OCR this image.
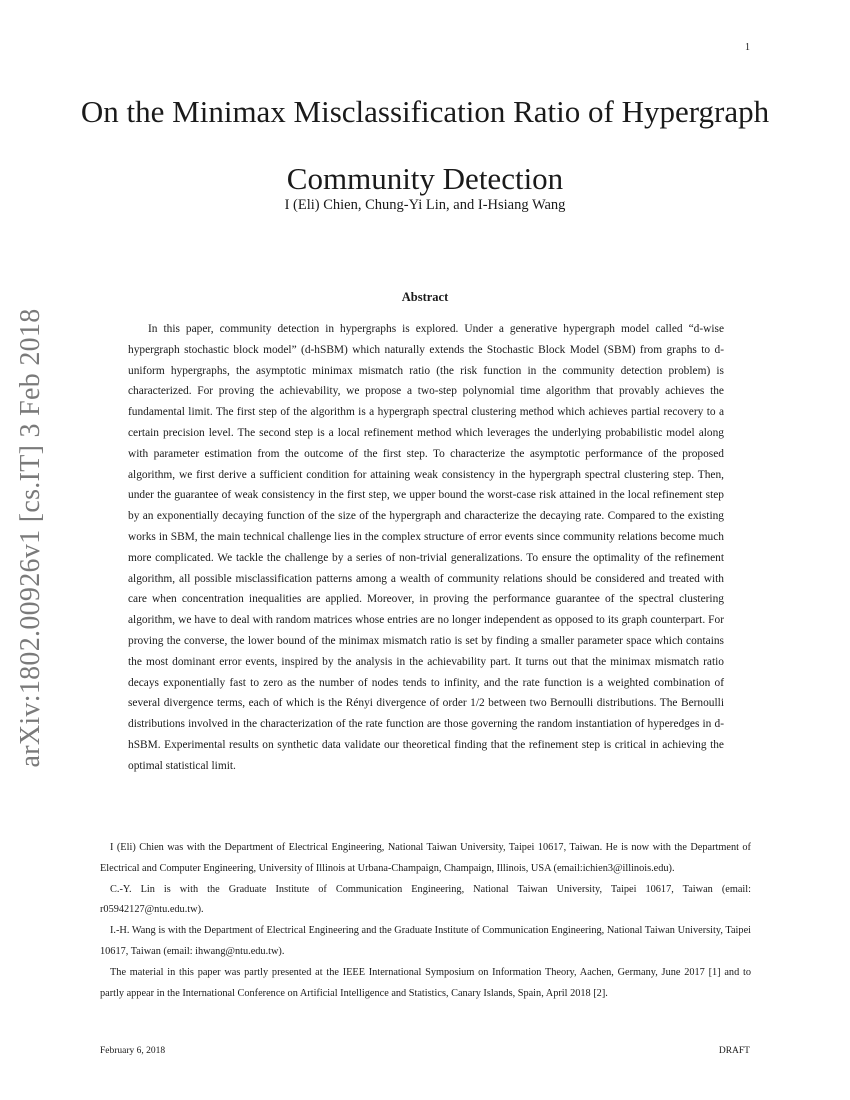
1
arXiv:1802.00926v1 [cs.IT] 3 Feb 2018
On the Minimax Misclassification Ratio of Hypergraph Community Detection
I (Eli) Chien, Chung-Yi Lin, and I-Hsiang Wang
Abstract

In this paper, community detection in hypergraphs is explored. Under a generative hypergraph model called “d-wise hypergraph stochastic block model” (d-hSBM) which naturally extends the Stochastic Block Model (SBM) from graphs to d-uniform hypergraphs, the asymptotic minimax mismatch ratio (the risk function in the community detection problem) is characterized. For proving the achievability, we propose a two-step polynomial time algorithm that provably achieves the fundamental limit. The first step of the algorithm is a hypergraph spectral clustering method which achieves partial recovery to a certain precision level. The second step is a local refinement method which leverages the underlying probabilistic model along with parameter estimation from the outcome of the first step. To characterize the asymptotic performance of the proposed algorithm, we first derive a sufficient condition for attaining weak consistency in the hypergraph spectral clustering step. Then, under the guarantee of weak consistency in the first step, we upper bound the worst-case risk attained in the local refinement step by an exponentially decaying function of the size of the hypergraph and characterize the decaying rate. Compared to the existing works in SBM, the main technical challenge lies in the complex structure of error events since community relations become much more complicated. We tackle the challenge by a series of non-trivial generalizations. To ensure the optimality of the refinement algorithm, all possible misclassification patterns among a wealth of community relations should be considered and treated with care when concentration inequalities are applied. Moreover, in proving the performance guarantee of the spectral clustering algorithm, we have to deal with random matrices whose entries are no longer independent as opposed to its graph counterpart. For proving the converse, the lower bound of the minimax mismatch ratio is set by finding a smaller parameter space which contains the most dominant error events, inspired by the analysis in the achievability part. It turns out that the minimax mismatch ratio decays exponentially fast to zero as the number of nodes tends to infinity, and the rate function is a weighted combination of several divergence terms, each of which is the Rényi divergence of order 1/2 between two Bernoulli distributions. The Bernoulli distributions involved in the characterization of the rate function are those governing the random instantiation of hyperedges in d-hSBM. Experimental results on synthetic data validate our theoretical finding that the refinement step is critical in achieving the optimal statistical limit.

I (Eli) Chien was with the Department of Electrical Engineering, National Taiwan University, Taipei 10617, Taiwan. He is now with the Department of Electrical and Computer Engineering, University of Illinois at Urbana-Champaign, Champaign, Illinois, USA (email:ichien3@illinois.edu).

C.-Y. Lin is with the Graduate Institute of Communication Engineering, National Taiwan University, Taipei 10617, Taiwan (email: r05942127@ntu.edu.tw).

I.-H. Wang is with the Department of Electrical Engineering and the Graduate Institute of Communication Engineering, National Taiwan University, Taipei 10617, Taiwan (email: ihwang@ntu.edu.tw).

The material in this paper was partly presented at the IEEE International Symposium on Information Theory, Aachen, Germany, June 2017 [1] and to partly appear in the International Conference on Artificial Intelligence and Statistics, Canary Islands, Spain, April 2018 [2].

February 6, 2018	DRAFT
